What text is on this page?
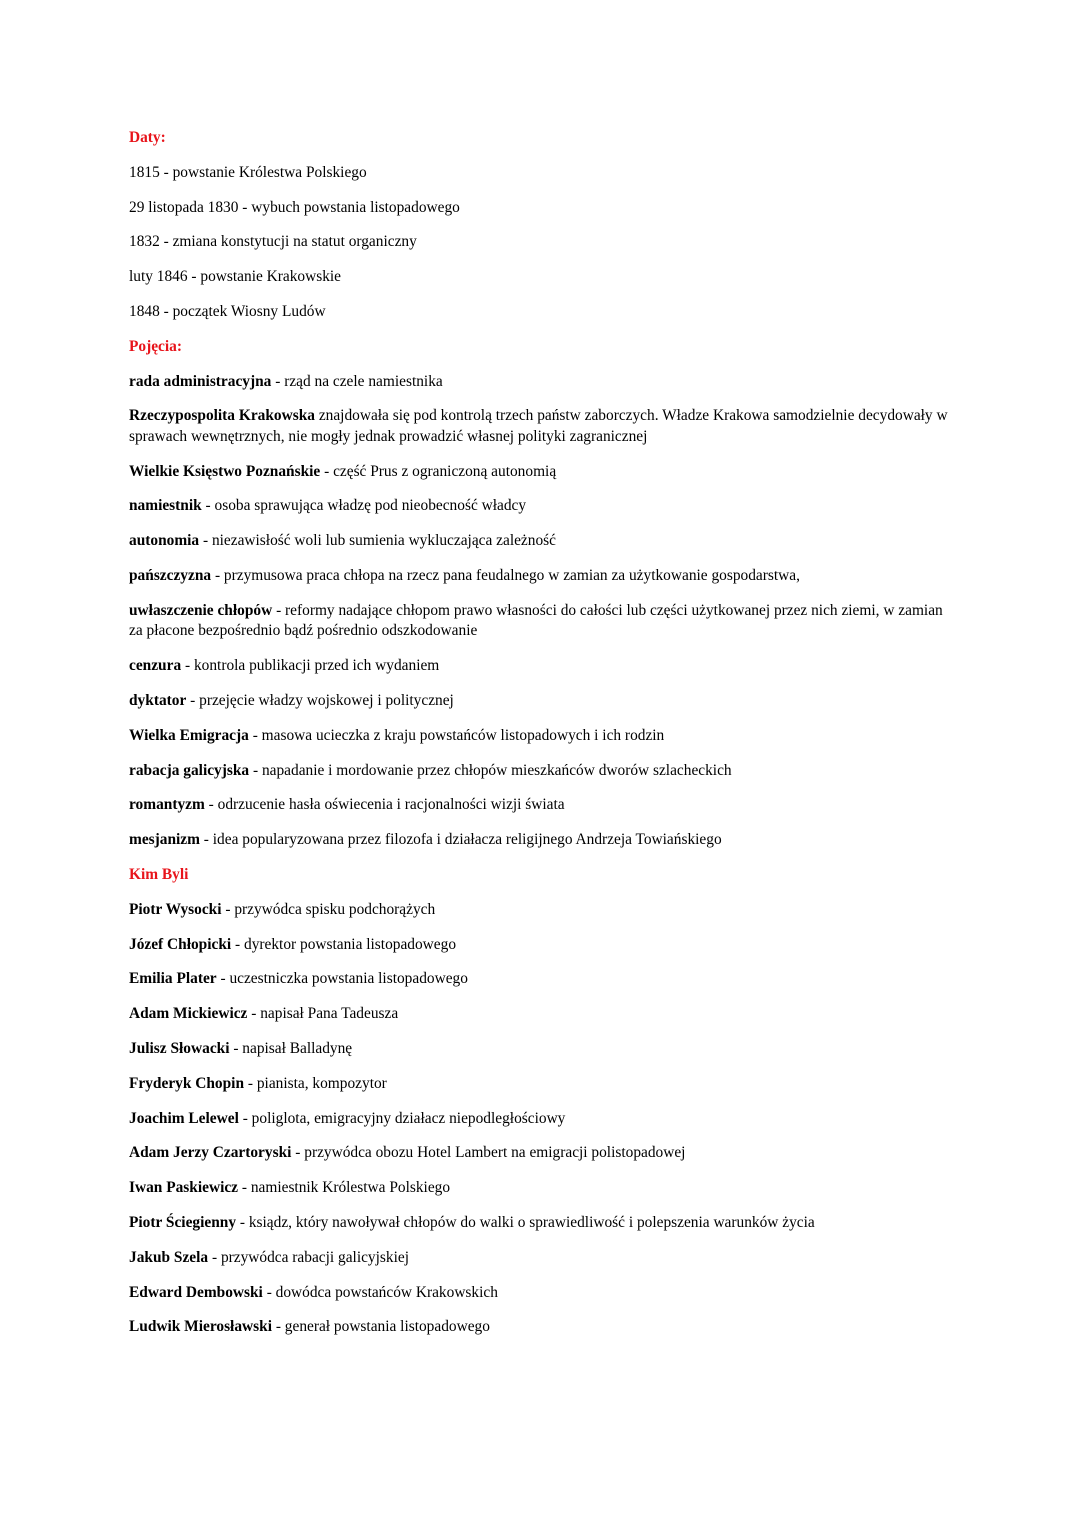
Daty:
1815 - powstanie Królestwa Polskiego
29 listopada 1830 - wybuch powstania listopadowego
1832 - zmiana konstytucji na statut organiczny
luty 1846 - powstanie Krakowskie
1848 - początek Wiosny Ludów
Pojęcia:
rada administracyjna - rząd na czele namiestnika
Rzeczypospolita Krakowska znajdowała się pod kontrolą trzech państw zaborczych. Władze Krakowa samodzielnie decydowały w sprawach wewnętrznych, nie mogły jednak prowadzić własnej polityki zagranicznej
Wielkie Księstwo Poznańskie - część Prus z ograniczoną autonomią
namiestnik - osoba sprawująca władzę pod nieobecność władcy
autonomia - niezawisłość woli lub sumienia wykluczająca zależność
pańszczyzna - przymusowa praca chłopa na rzecz pana feudalnego w zamian za użytkowanie gospodarstwa,
uwłaszczenie chłopów - reformy nadające chłopom prawo własności do całości lub części użytkowanej przez nich ziemi, w zamian za płacone bezpośrednio bądź pośrednio odszkodowanie
cenzura - kontrola publikacji przed ich wydaniem
dyktator - przejęcie władzy wojskowej i politycznej
Wielka Emigracja - masowa ucieczka z kraju powstańców listopadowych i ich rodzin
rabacja galicyjska - napadanie i mordowanie przez chłopów mieszkańców dworów szlacheckich
romantyzm - odrzucenie hasła oświecenia i racjonalności wizji świata
mesjanizm - idea popularyzowana przez filozofa i działacza religijnego Andrzeja Towiańskiego
Kim Byli
Piotr Wysocki - przywódca spisku podchorążych
Józef Chłopicki - dyrektor powstania listopadowego
Emilia Plater - uczestniczka powstania listopadowego
Adam Mickiewicz - napisał Pana Tadeusza
Julisz Słowacki - napisał Balladynę
Fryderyk Chopin - pianista, kompozytor
Joachim Lelewel - poliglota, emigracyjny działacz niepodległościowy
Adam Jerzy Czartoryski - przywódca obozu Hotel Lambert na emigracji polistopadowej
Iwan Paskiewicz - namiestnik Królestwa Polskiego
Piotr Ściegienny - ksiądz, który nawoływał chłopów do walki o sprawiedliwość i polepszenia warunków życia
Jakub Szela - przywódca rabacji galicyjskiej
Edward Dembowski - dowódca powstańców Krakowskich
Ludwik Mierosławski - generał powstania listopadowego
